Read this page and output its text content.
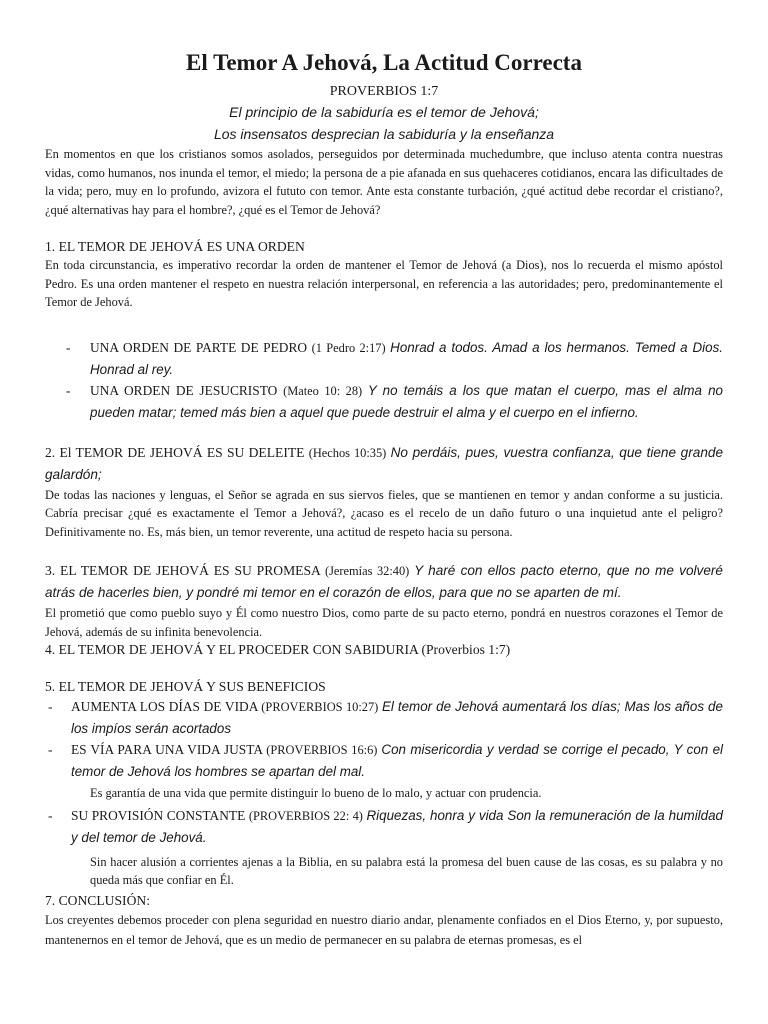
El Temor A Jehová, La Actitud Correcta
PROVERBIOS 1:7
El principio de la sabiduría es el temor de Jehová;
Los insensatos desprecian la sabiduría y la enseñanza

En momentos en que los cristianos somos asolados, perseguidos por determinada muchedumbre, que incluso atenta contra nuestras vidas, como humanos, nos inunda el temor, el miedo; la persona de a pie afanada en sus quehaceres cotidianos, encara las dificultades de la vida; pero, muy en lo profundo, avizora el fututo con temor. Ante esta constante turbación, ¿qué actitud debe recordar el cristiano?, ¿qué alternativas hay para el hombre?, ¿qué es el Temor de Jehová?

1. EL TEMOR DE JEHOVÁ ES UNA ORDEN

En toda circunstancia, es imperativo recordar la orden de mantener el Temor de Jehová (a Dios), nos lo recuerda el mismo apóstol Pedro. Es una orden mantener el respeto en nuestra relación interpersonal, en referencia a las autoridades; pero, predominantemente el Temor de Jehová.

- UNA ORDEN DE PARTE DE PEDRO (1 Pedro 2:17) Honrad a todos. Amad a los hermanos. Temed a Dios. Honrad al rey.
- UNA ORDEN DE JESUCRISTO (Mateo 10: 28) Y no temáis a los que matan el cuerpo, mas el alma no pueden matar; temed más bien a aquel que puede destruir el alma y el cuerpo en el infierno.
2. El TEMOR DE JEHOVÁ ES SU DELEITE (Hechos 10:35) No perdáis, pues, vuestra confianza, que tiene grande galardón;

De todas las naciones y lenguas, el Señor se agrada en sus siervos fieles, que se mantienen en temor y andan conforme a su justicia. Cabría precisar ¿qué es exactamente el Temor a Jehová?, ¿acaso es el recelo de un daño futuro o una inquietud ante el peligro? Definitivamente no. Es, más bien, un temor reverente, una actitud de respeto hacia su persona.

3. EL TEMOR DE JEHOVÁ ES SU PROMESA (Jeremías 32:40) Y haré con ellos pacto eterno, que no me volveré atrás de hacerles bien, y pondré mi temor en el corazón de ellos, para que no se aparten de mí.

El prometió que como pueblo suyo y Él como nuestro Dios, como parte de su pacto eterno, pondrá en nuestros corazones el Temor de Jehová, además de su infinita benevolencia.

4. EL TEMOR DE JEHOVÁ Y EL PROCEDER CON SABIDURIA (Proverbios 1:7)
5. EL TEMOR DE JEHOVÁ Y SUS BENEFICIOS
- AUMENTA LOS DÍAS DE VIDA (PROVERBIOS 10:27) El temor de Jehová aumentará los días; Mas los años de los impíos serán acortados
- ES VÍA PARA UNA VIDA JUSTA (PROVERBIOS 16:6) Con misericordia y verdad se corrige el pecado, Y con el temor de Jehová los hombres se apartan del mal.
Es garantía de una vida que permite distinguir lo bueno de lo malo, y actuar con prudencia.
- SU PROVISIÓN CONSTANTE (PROVERBIOS 22: 4) Riquezas, honra y vida Son la remuneración de la humildad y del temor de Jehová.
Sin hacer alusión a corrientes ajenas a la Biblia, en su palabra está la promesa del buen cause de las cosas, es su palabra y no queda más que confiar en Él.
7. CONCLUSIÓN:

Los creyentes debemos proceder con plena seguridad en nuestro diario andar, plenamente confiados en el Dios Eterno, y, por supuesto, mantenernos en el temor de Jehová, que es un medio de permanecer en su palabra de eternas promesas, es el
